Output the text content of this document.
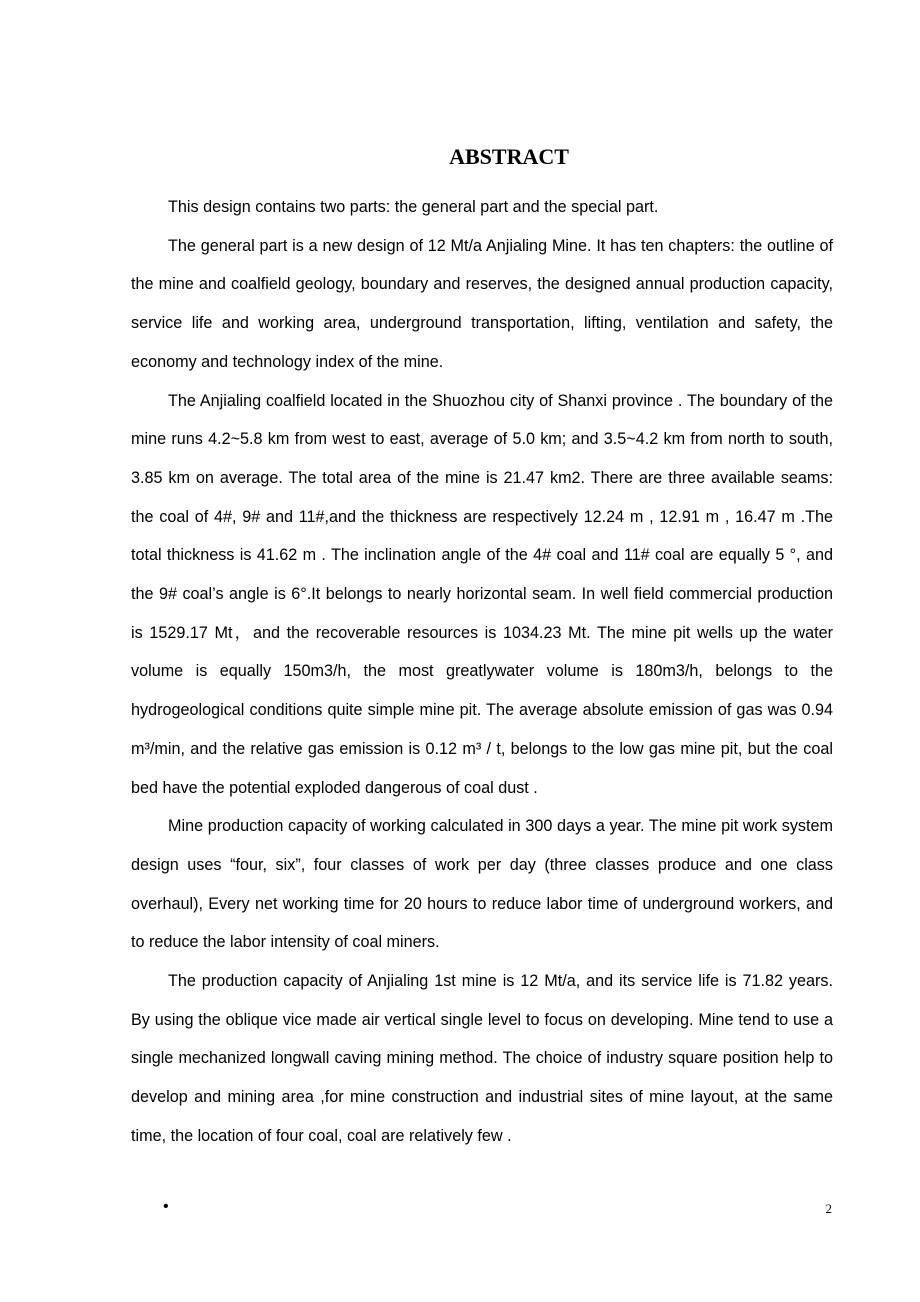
ABSTRACT

This design contains two parts: the general part and the special part.

The general part is a new design of 12 Mt/a Anjialing Mine. It has ten chapters: the outline of the mine and coalfield geology, boundary and reserves, the designed annual production capacity, service life and working area, underground transportation, lifting, ventilation and safety, the economy and technology index of the mine.

The Anjialing coalfield located in the Shuozhou city of Shanxi province . The boundary of the mine runs 4.2~5.8 km from west to east, average of 5.0 km; and 3.5~4.2 km from north to south, 3.85 km on average. The total area of the mine is 21.47 km2. There are three available seams: the coal of 4#, 9# and 11#,and the thickness are respectively 12.24 m , 12.91 m , 16.47 m .The total thickness is 41.62 m . The inclination angle of the 4# coal and 11# coal are equally 5 °, and the 9# coal’s angle is 6°.It belongs to nearly horizontal seam. In well field commercial production is 1529.17 Mt，and the recoverable resources is 1034.23 Mt. The mine pit wells up the water volume is equally 150m3/h, the most greatlywater volume is 180m3/h, belongs to the hydrogeological conditions quite simple mine pit. The average absolute emission of gas was 0.94 m³/min, and the relative gas emission is 0.12 m³ / t, belongs to the low gas mine pit, but the coal bed have the potential exploded dangerous of coal dust .

Mine production capacity of working calculated in 300 days a year. The mine pit work system design uses “four, six”, four classes of work per day (three classes produce and one class overhaul), Every net working time for 20 hours to reduce labor time of underground workers, and to reduce the labor intensity of coal miners.

The production capacity of Anjialing 1st mine is 12 Mt/a, and its service life is 71.82 years. By using the oblique vice made air vertical single level to focus on developing. Mine tend to use a single mechanized longwall caving mining method. The choice of industry square position help to develop and mining area ,for mine construction and industrial sites of mine layout, at the same time, the location of four coal, coal are relatively few .

•	2
